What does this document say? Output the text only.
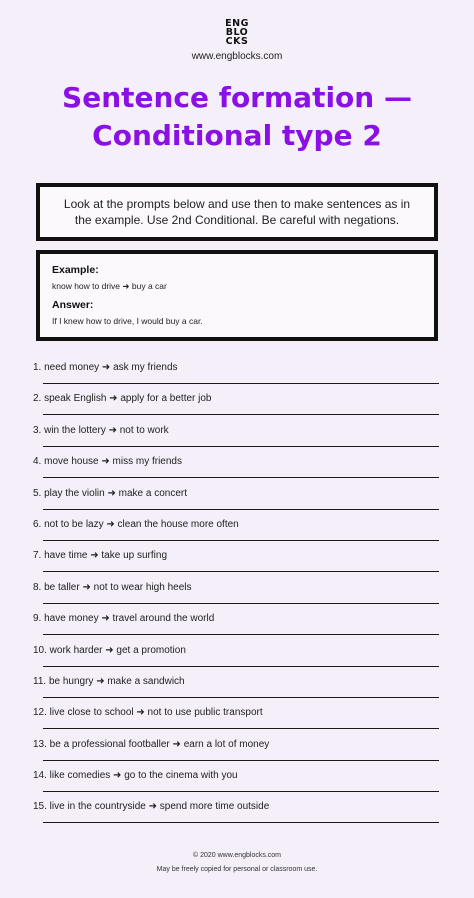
ENG
BLO
CKS
www.engblocks.com
Sentence formation —
Conditional type 2

Look at the prompts below and use then to make sentences as in the example. Use 2nd Conditional. Be careful with negations.

Example:
know how to drive ➜ buy a car
Answer:
If I knew how to drive, I would buy a car.
1. need money ➜ ask my friends
2. speak English ➜ apply for a better job
3. win the lottery ➜ not to work
4. move house ➜ miss my friends
5. play the violin ➜ make a concert
6. not to be lazy ➜ clean the house more often
7. have time ➜ take up surfing
8. be taller ➜ not to wear high heels
9. have money ➜ travel around the world
10. work harder ➜ get a promotion
11. be hungry ➜ make a sandwich
12. live close to school ➜ not to use public transport
13. be a professional footballer ➜ earn a lot of money
14. like comedies ➜ go to the cinema with you
15. live in the countryside ➜ spend more time outside
© 2020 www.engblocks.com
May be freely copied for personal or classroom use.
